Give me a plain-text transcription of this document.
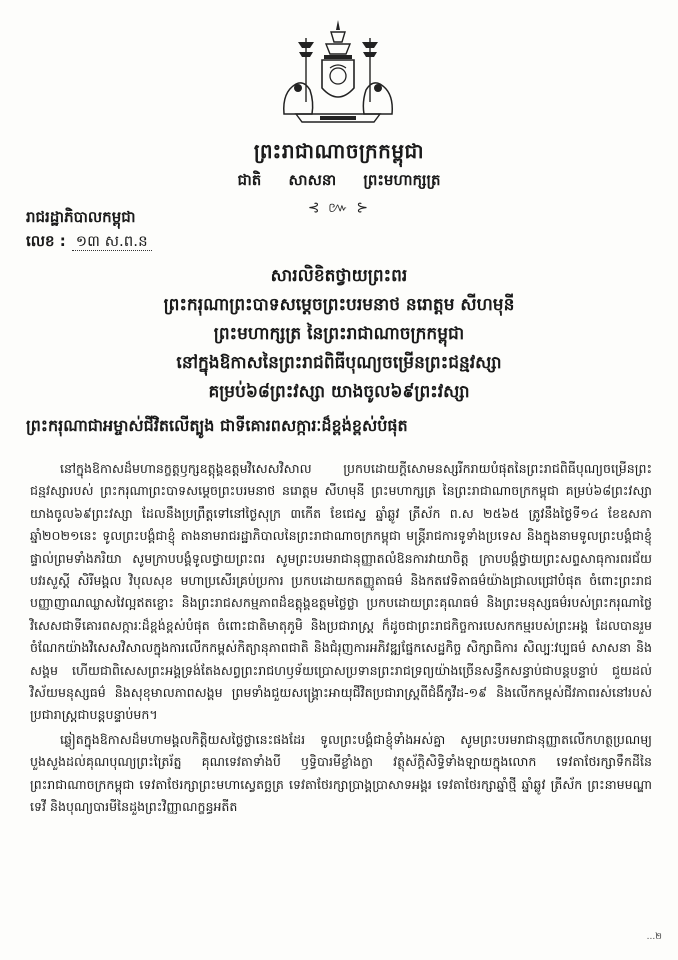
ព្រះរាជាណាចក្រកម្ពុជា
ជាតិ សាសនា ព្រះមហាក្សត្រ
⊰ ៚ ⊱
រាជរដ្ឋាភិបាលកម្ពុជា
លេខ : ១៣ ស.ព.ន
សារលិខិតថ្វាយព្រះពរ
ព្រះករុណាព្រះបាទសម្តេចព្រះបរមនាថ នរោត្តម សីហមុនី
ព្រះមហាក្សត្រ នៃព្រះរាជាណាចក្រកម្ពុជា
នៅក្នុងឱកាសនៃព្រះរាជពិធីបុណ្យចម្រើនព្រះជន្មវស្សា
គម្រប់៦៨ព្រះវស្សា យាងចូល៦៩ព្រះវស្សា
ព្រះករុណាជាអម្ចាស់ជីវិតលើត្បូង ជាទីគោរពសក្ការៈដ៏ខ្ពង់ខ្ពស់បំផុត

នៅក្នុងឱកាសដ៏មហានក្ខត្តឫក្សឧត្តុង្គឧត្តមវិសេសវិសាល ប្រកបដោយក្តីសោមនស្សរីករាយបំផុតនៃព្រះរាជពិធីបុណ្យចម្រើនព្រះជន្មវស្សារបស់ ព្រះករុណាព្រះបាទសម្តេចព្រះបរមនាថ នរោត្តម សីហមុនី ព្រះមហាក្សត្រ នៃព្រះរាជាណាចក្រកម្ពុជា គម្រប់៦៨ព្រះវស្សា យាងចូល៦៩ព្រះវស្សា ដែលនឹងប្រព្រឹត្តទៅនៅថ្ងៃសុក្រ ៣កើត ខែជេស្ឋ ឆ្នាំឆ្លូវ ត្រីស័ក ព.ស ២៥៦៥ ត្រូវនឹងថ្ងៃទី១៤ ខែឧសភា ឆ្នាំ២០២១នេះ ទូលព្រះបង្គំជាខ្ញុំ តាងនាមរាជរដ្ឋាភិបាលនៃព្រះរាជាណាចក្រកម្ពុជា មន្ត្រីរាជការទូទាំងប្រទេស និងក្នុងនាមទូលព្រះបង្គំជាខ្ញុំផ្ទាល់ព្រមទាំងភរិយា សូមក្រាបបង្គំទូលថ្វាយព្រះពរ សូមព្រះបរមរាជានុញ្ញាតលំឱនការវាយាចិត្ត ក្រាបបង្គំថ្វាយព្រះសព្ទសាធុការពរជ័យ បវរសួស្តី សិរីមង្គល វិបុលសុខ មហាប្រសើរគ្រប់ប្រការ ប្រកបដោយកតញ្ញូតាធម៌ និងកតវេទិតាធម៌យ៉ាងជ្រាលជ្រៅបំផុត ចំពោះព្រះរាជបញ្ញាញាណឈ្លាសវៃល្អឥតខ្ចោះ និងព្រះរាជសកម្មភាពដ៏ឧត្តុង្គឧត្តមថ្លៃថ្លា ប្រកបដោយព្រះគុណធម៌ និងព្រះមនុស្សធម៌របស់ព្រះករុណាថ្លៃវិសេសជាទីគោរពសក្ការៈដ៏ខ្ពង់ខ្ពស់បំផុត ចំពោះជាតិមាតុភូមិ និងប្រជារាស្ត្រ ក៏ដូចជាព្រះរាជកិច្ចការបេសកកម្មរបស់ព្រះអង្គ ដែលបានរួមចំណែកយ៉ាងវិសេសវិសាលក្នុងការលើកកម្ពស់កិត្យានុភាពជាតិ និងជំរុញការអភិវឌ្ឍផ្នែកសេដ្ឋកិច្ច សិក្សាធិការ សិល្បៈវប្បធម៌ សាសនា និងសង្គម ហើយជាពិសេសព្រះអង្គទ្រង់តែងសព្វព្រះរាជហឫទ័យប្រោសប្រទានព្រះរាជទ្រព្យយ៉ាងច្រើនសន្ធឹកសន្ធាប់ជាបន្តបន្ទាប់ ជួយដល់វិស័យមនុស្សធម៌ និងសុខុមាលភាពសង្គម ព្រមទាំងជួយសង្គ្រោះអាយុជីវិតប្រជារាស្ត្រពីជំងឺកូវីដ-១៩ និងលើកកម្ពស់ជីវភាពរស់នៅរបស់ប្រជារាស្ត្រជាបន្តបន្ទាប់មក។

ឆ្លៀតក្នុងឱកាសដ៏មហាមង្គលកិត្តិយសថ្លៃថ្លានេះផងដែរ ទូលព្រះបង្គំជាខ្ញុំទាំងអស់គ្នា សូមព្រះបរមរាជានុញ្ញាតលើកហត្ថប្រណម្យបួងសួងដល់គុណបុណ្យព្រះត្រៃរ័ត្ន គុណទេវតាទាំងបី ឫទ្ធិបារមីខ្លាំងក្លា វត្ថុស័ក្តិសិទ្ធិទាំងឡាយក្នុងលោក ទេវតាថែរក្សាទឹកដីនៃព្រះរាជាណាចក្រកម្ពុជា ទេវតាថែរក្សាព្រះមហាស្វេតច្ឆត្រ ទេវតាថែរក្សាប្រាង្គប្រាសាទអង្គរ ទេវតាថែរក្សាឆ្នាំថ្មី ឆ្នាំឆ្លូវ ត្រីស័ក ព្រះនាមមណ្ឌាទេវី និងបុណ្យបារមីនៃដួងព្រះវិញ្ញាណក្ខន្ធអតីត

...២
